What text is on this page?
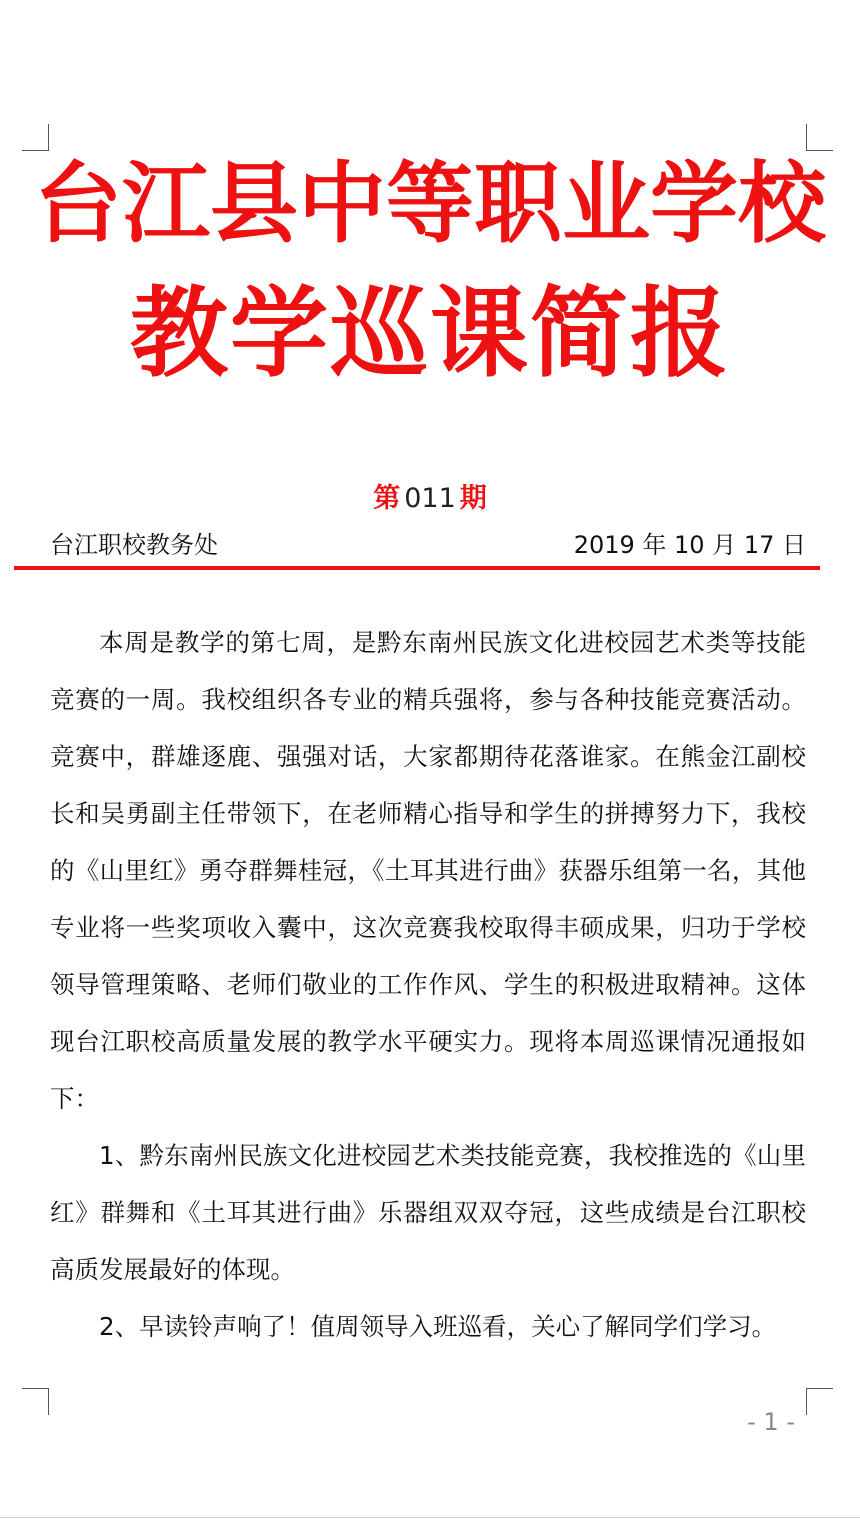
台江县中等职业学校
教学巡课简报
第 011 期
台江职校教务处	2019 年 10 月 17 日

本周是教学的第七周，是黔东南州民族文化进校园艺术类等技能竞赛的一周。我校组织各专业的精兵强将，参与各种技能竞赛活动。竞赛中，群雄逐鹿、强强对话，大家都期待花落谁家。在熊金江副校长和吴勇副主任带领下，在老师精心指导和学生的拼搏努力下，我校的《山里红》勇夺群舞桂冠，《土耳其进行曲》获器乐组第一名，其他专业将一些奖项收入囊中，这次竞赛我校取得丰硕成果，归功于学校领导管理策略、老师们敬业的工作作风、学生的积极进取精神。这体现台江职校高质量发展的教学水平硬实力。现将本周巡课情况通报如下：

1、黔东南州民族文化进校园艺术类技能竞赛，我校推选的《山里红》群舞和《土耳其进行曲》乐器组双双夺冠，这些成绩是台江职校高质发展最好的体现。

2、早读铃声响了！值周领导入班巡看，关心了解同学们学习。

- 1 -
